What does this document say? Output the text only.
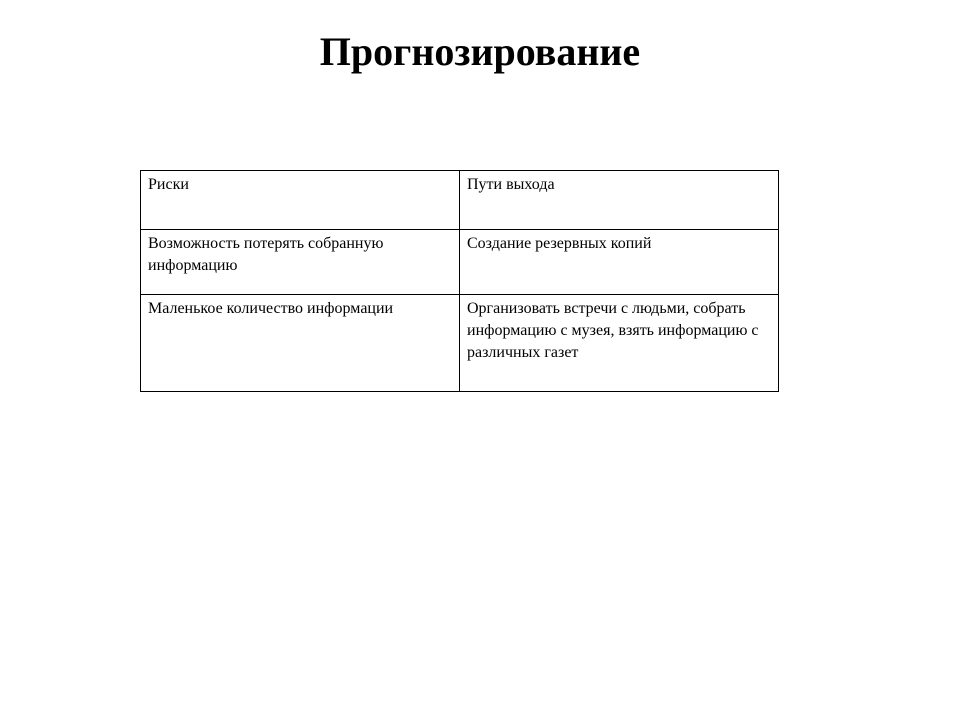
Прогнозирование
Риски	Пути выхода
Возможность потерять собранную информацию	Создание резервных копий
Маленькое количество информации	Организовать встречи с людьми, собрать информацию с музея, взять информацию с различных газет
